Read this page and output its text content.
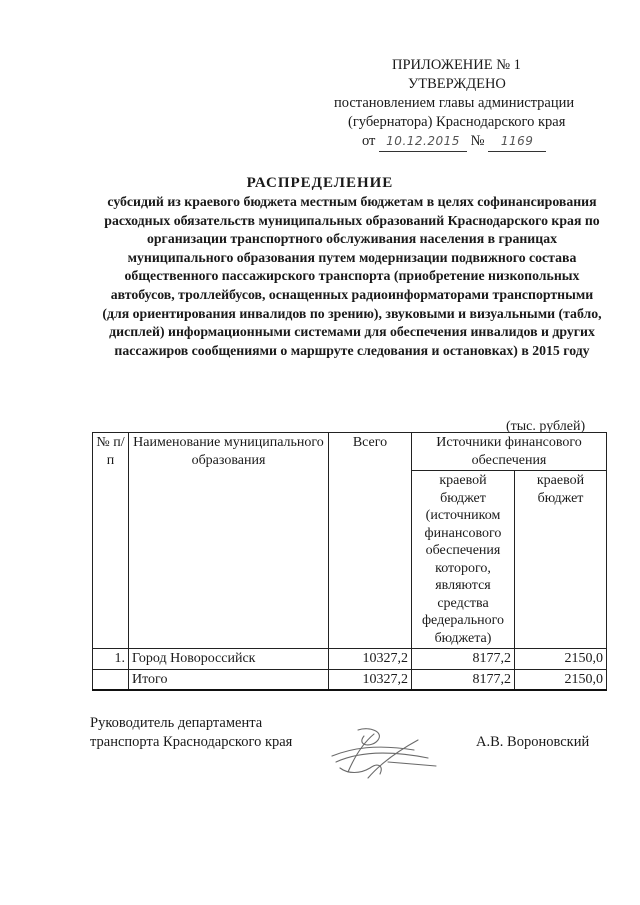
ПРИЛОЖЕНИЕ № 1
УТВЕРЖДЕНО
постановлением главы администрации
(губернатора) Краснодарского края
от 10.12.2015 № 1169
РАСПРЕДЕЛЕНИЕ
субсидий из краевого бюджета местным бюджетам в целях софинансирования расходных обязательств муниципальных образований Краснодарского края по организации транспортного обслуживания населения в границах муниципального образования путем модернизации подвижного состава общественного пассажирского транспорта (приобретение низкопольных автобусов, троллейбусов, оснащенных радиоинформаторами транспортными (для ориентирования инвалидов по зрению), звуковыми и визуальными (табло, дисплей) информационными системами для обеспечения инвалидов и других пассажиров сообщениями о маршруте следования и остановках) в 2015 году
(тыс. рублей)
№ п/п	Наименование муниципального образования	Всего	Источники финансового обеспечения	
			краевой бюджет (источником финансового обеспечения которого, являются средства федерального бюджета)	краевой бюджет
1.	Город Новороссийск	10327,2	8177,2	2150,0
	Итого	10327,2	8177,2	2150,0
Руководитель департамента
транспорта Краснодарского края	А.В. Вороновский
